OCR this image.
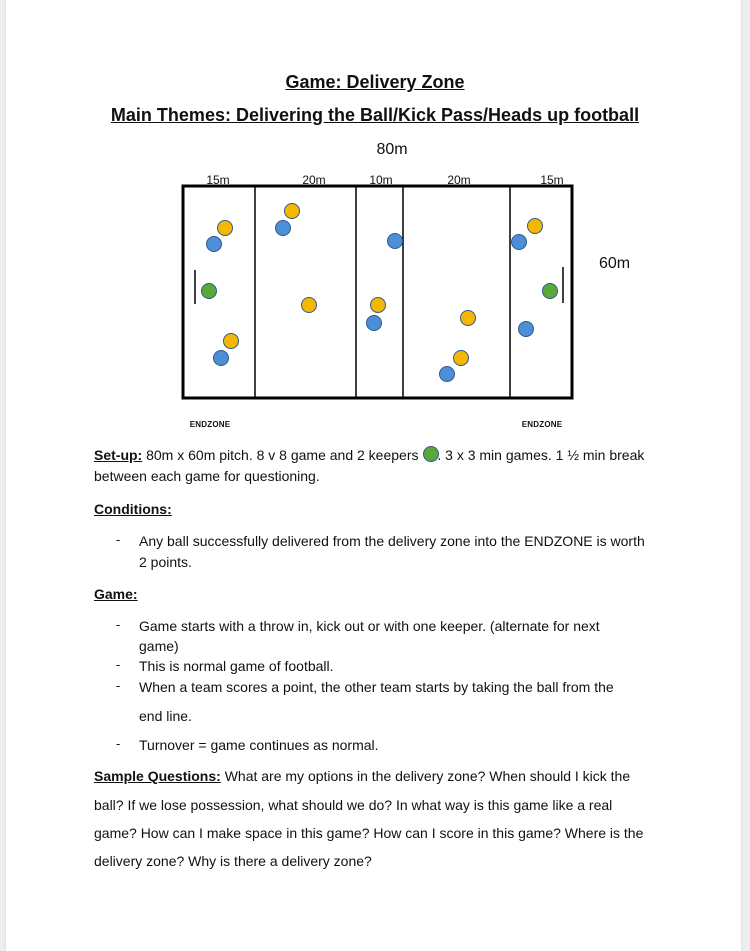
Game: Delivery Zone
Main Themes: Delivering the Ball/Kick Pass/Heads up football
80m
15m	20m	10m	20m	15m
60m
ENDZONE	ENDZONE
Set-up: 80m x 60m pitch. 8 v 8 game and 2 keepers . 3 x 3 min games. 1 ½ min break
between each game for questioning.
Conditions:
- Any ball successfully delivered from the delivery zone into the ENDZONE is worth
2 points.
Game:
- Game starts with a throw in, kick out or with one keeper. (alternate for next
game)
- This is normal game of football.
- When a team scores a point, the other team starts by taking the ball from the
end line.
- Turnover = game continues as normal.
Sample Questions: What are my options in the delivery zone? When should I kick the
ball? If we lose possession, what should we do? In what way is this game like a real
game? How can I make space in this game? How can I score in this game? Where is the
delivery zone? Why is there a delivery zone?
